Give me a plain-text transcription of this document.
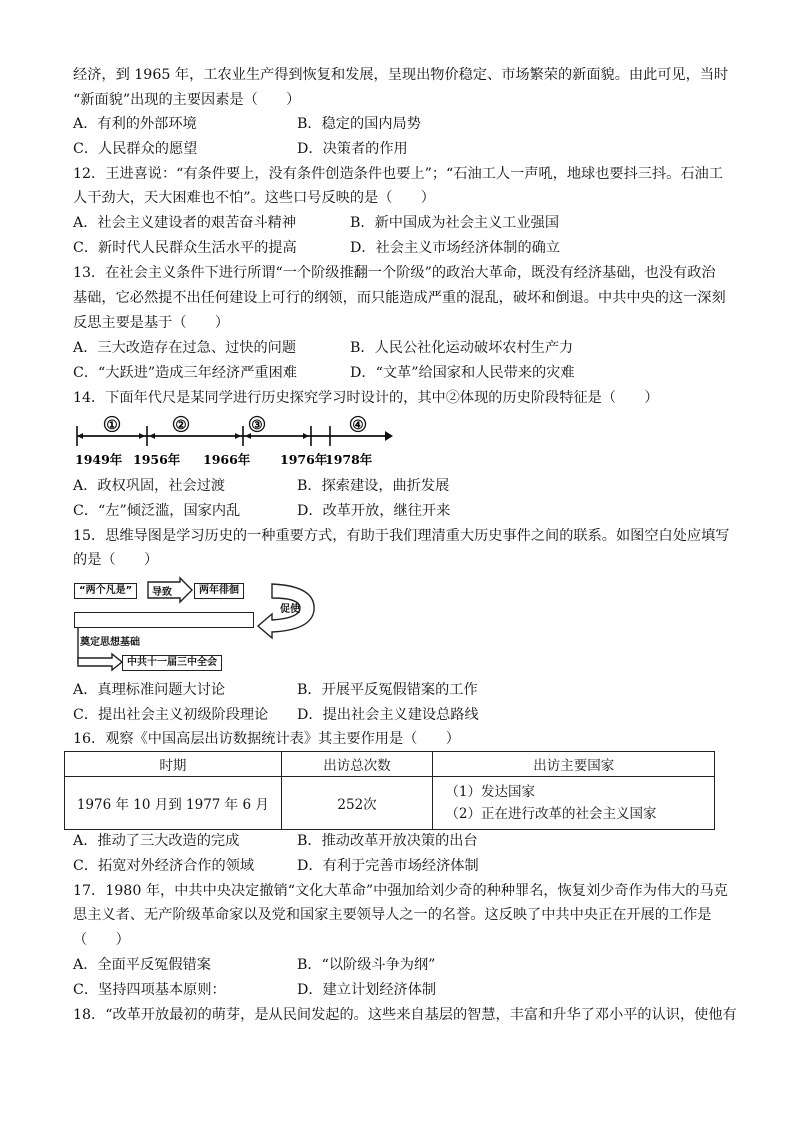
经济，到 1965 年，工农业生产得到恢复和发展，呈现出物价稳定、市场繁荣的新面貌。由此可见，当时
“新面貌”出现的主要因素是（　　）
A．有利的外部环境	B．稳定的国内局势
C．人民群众的愿望	D．决策者的作用
12．王进喜说：“有条件要上，没有条件创造条件也要上”；“石油工人一声吼，地球也要抖三抖。石油工
人干劲大，天大困难也不怕”。这些口号反映的是（　　）
A．社会主义建设者的艰苦奋斗精神	B．新中国成为社会主义工业强国
C．新时代人民群众生活水平的提高	D．社会主义市场经济体制的确立
13．在社会主义条件下进行所谓“一个阶级推翻一个阶级”的政治大革命，既没有经济基础，也没有政治
基础，它必然提不出任何建设上可行的纲领，而只能造成严重的混乱，破坏和倒退。中共中央的这一深刻
反思主要是基于（　　）
A．三大改造存在过急、过快的问题	B．人民公社化运动破坏农村生产力
C．“大跃进”造成三年经济严重困难	D．“文革”给国家和人民带来的灾难
14．下面年代尺是某同学进行历史探究学习时设计的，其中②体现的历史阶段特征是（　　）
①	②	③	④
1949年 1956年 1966年 1976年
1978年
A．政权巩固，社会过渡	B．探索建设，曲折发展
C．“左”倾泛滥，国家内乱	D．改革开放，继往开来
15．思维导图是学习历史的一种重要方式，有助于我们理清重大历史事件之间的联系。如图空白处应填写
的是（　　）
“两个凡是”	导致	两年徘徊
促使
奠定思想基础
中共十一届三中全会
A．真理标准问题大讨论	B．开展平反冤假错案的工作
C．提出社会主义初级阶段理论 D．提出社会主义建设总路线
16．观察《中国高层出访数据统计表》其主要作用是（　　）
时期	出访总次数	出访主要国家
1976 年 10 月到 1977 年 6 月	252次	（1）发达国家
（2）正在进行改革的社会主义国家
A．推动了三大改造的完成	B．推动改革开放决策的出台
C．拓宽对外经济合作的领域	D．有利于完善市场经济体制
17．1980 年，中共中央决定撤销“文化大革命”中强加给刘少奇的种种罪名，恢复刘少奇作为伟大的马克
思主义者、无产阶级革命家以及党和国家主要领导人之一的名誉。这反映了中共中央正在开展的工作是
（　　）
A．全面平反冤假错案	B．“以阶级斗争为纲”
C．坚持四项基本原则：	D．建立计划经济体制
18．“改革开放最初的萌芽，是从民间发起的。这些来自基层的智慧，丰富和升华了邓小平的认识，使他有
